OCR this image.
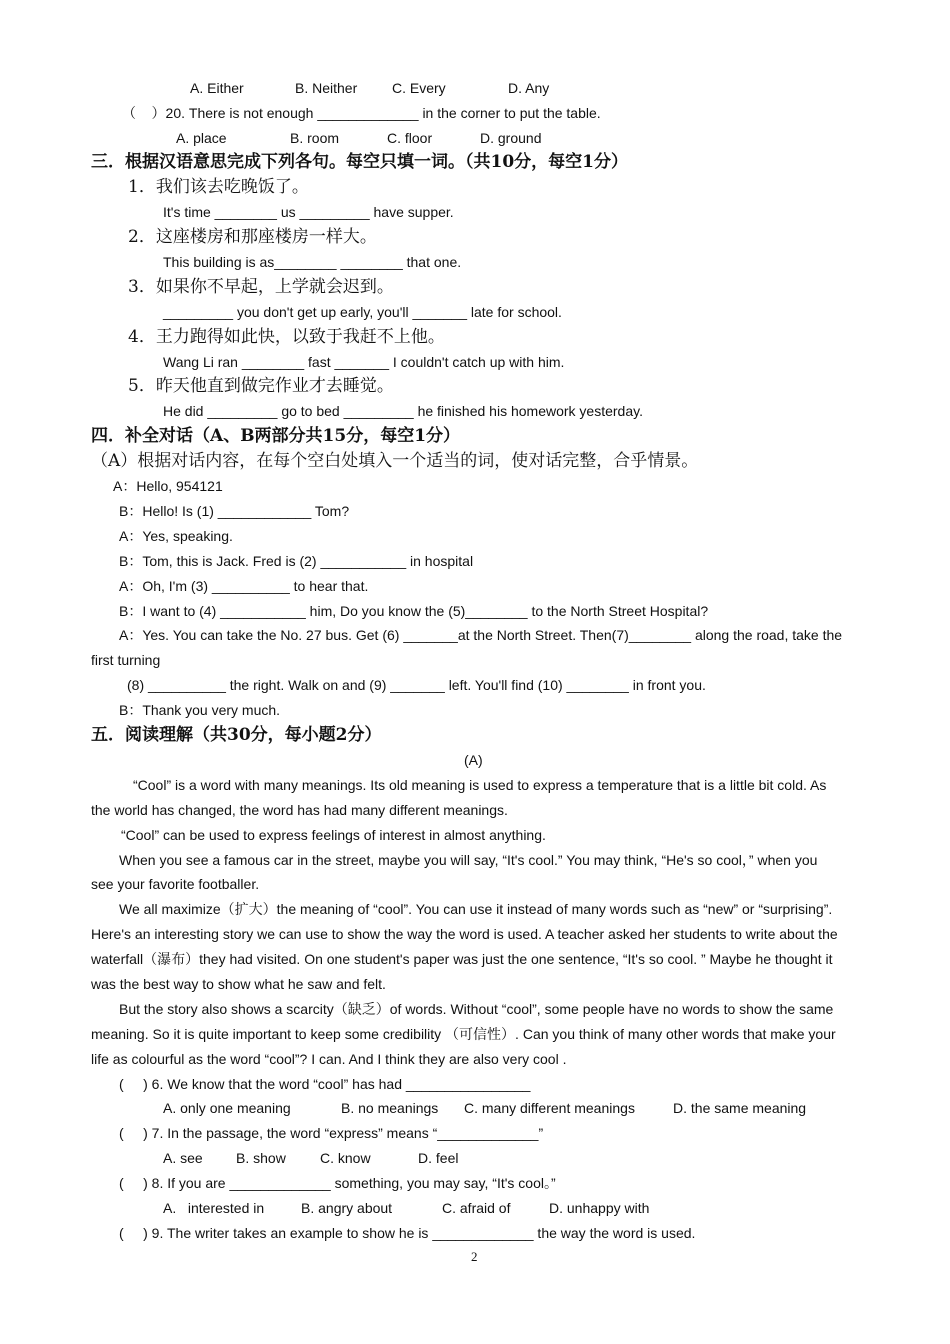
A. Either	B. Neither C. Every	D. Any
（    ）20. There is not enough _____________ in the corner to put the table.
A. place	B. room	C. floor	D. ground
三．根据汉语意思完成下列各句。每空只填一词。（共10分，每空1分）
1．我们该去吃晚饭了。
It's time ________ us _________ have supper.
2．这座楼房和那座楼房一样大。
This building is as________ ________ that one.
3．如果你不早起，上学就会迟到。
_________ you don't get up early, you'll _______ late for school.
4．王力跑得如此快，以致于我赶不上他。
Wang Li ran ________ fast _______ I couldn't catch up with him.
5．昨天他直到做完作业才去睡觉。
He did _________ go to bed _________ he finished his homework yesterday.
四．补全对话（A、B两部分共15分，每空1分）
（A）根据对话内容，在每个空白处填入一个适当的词，使对话完整，合乎情景。
A：Hello, 954121
B：Hello! Is (1) ____________ Tom?
A：Yes, speaking.
B：Tom, this is Jack. Fred is (2) ___________ in hospital
A：Oh, I'm (3) __________ to hear that.
B：I want to (4) ___________ him, Do you know the (5)________ to the North Street Hospital?
A：Yes. You can take the No. 27 bus. Get (6) _______at the North Street. Then(7)________ along the road, take the
first turning
(8) __________ the right. Walk on and (9) _______ left. You'll find (10) ________ in front you.
B：Thank you very much.
五．阅读理解（共30分，每小题2分）
(A)
“Cool” is a word with many meanings. Its old meaning is used to express a temperature that is a little bit cold. As
the world has changed, the word has had many different meanings.
“Cool” can be used to express feelings of interest in almost anything.
When you see a famous car in the street, maybe you will say, “It's cool.” You may think, “He's so cool，” when you
see your favorite footballer.
We all maximize（扩大）the meaning of “cool”. You can use it instead of many words such as “new” or “surprising”.
Here's an interesting story we can use to show the way the word is used. A teacher asked her students to write about the
waterfall（瀑布）they had visited. On one student's paper was just the one sentence, “It's so cool. ” Maybe he thought it
was the best way to show what he saw and felt.
But the story also shows a scarcity（缺乏）of words. Without “cool”, some people have no words to show the same
meaning. So it is quite important to keep some credibility （可信性）. Can you think of many other words that make your
life as colourful as the word “cool”? I can. And I think they are also very cool .
(     ) 6. We know that the word “cool” has had ________________
A. only one meaning	B. no meanings C. many different meanings	D. the same meaning
(     ) 7. In the passage, the word “express” means “_____________”
A. see B. show C. know	D. feel
(     ) 8. If you are _____________ something, you may say, “It's cool。”
A.   interested in	B. angry about	C. afraid of	D. unhappy with
(     ) 9. The writer takes an example to show he is _____________ the way the word is used.
2
